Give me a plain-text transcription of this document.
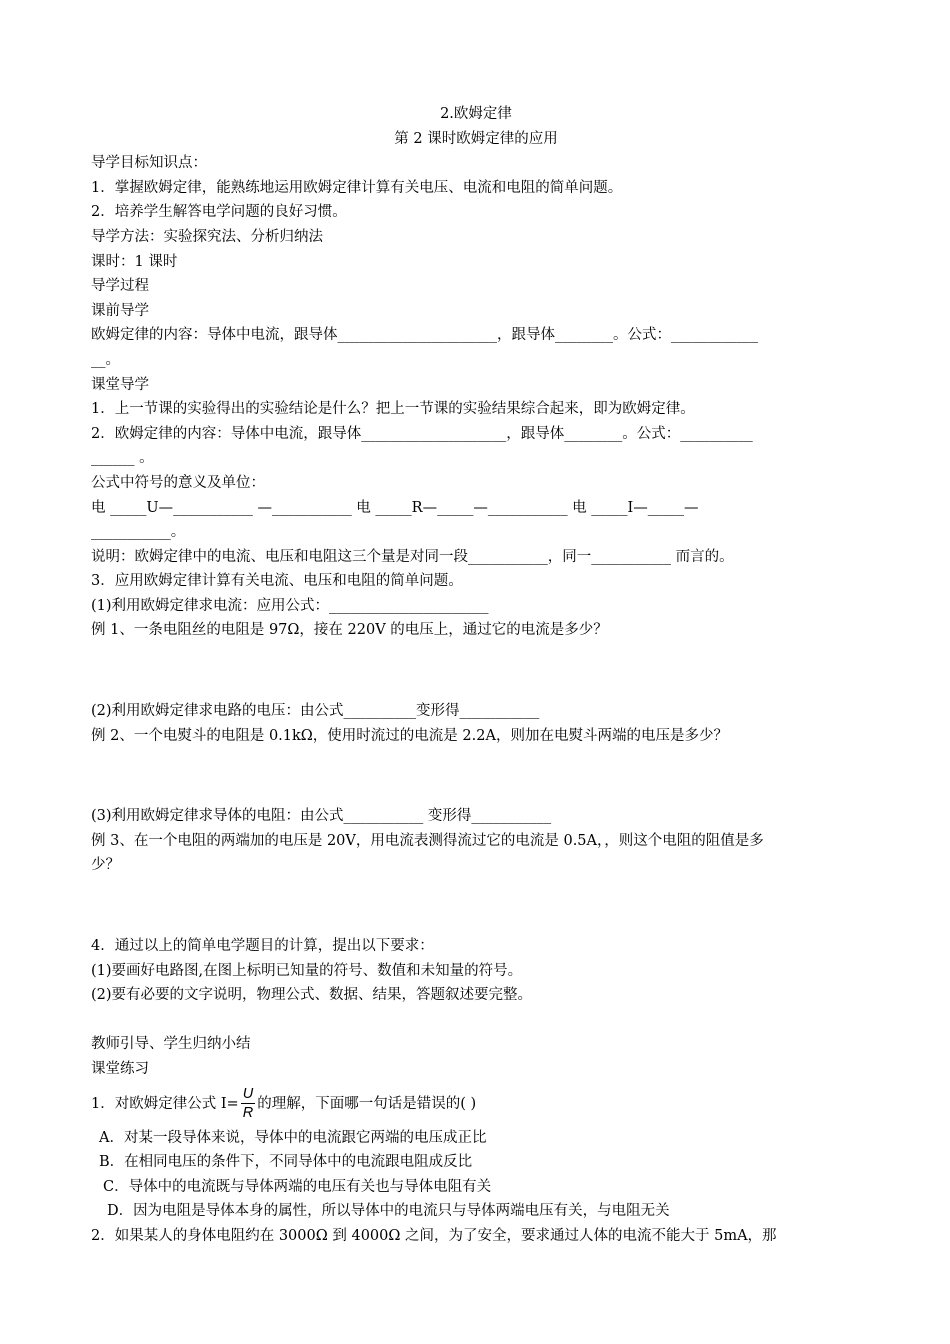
2.欧姆定律
第 2 课时欧姆定律的应用
导学目标知识点：
1．掌握欧姆定律，能熟练地运用欧姆定律计算有关电压、电流和电阻的简单问题。
2．培养学生解答电学问题的良好习惯。
导学方法：实验探究法、分析归纳法
课时：1 课时
导学过程
课前导学
欧姆定律的内容：导体中电流，跟导体______________________，跟导体________。公式：____________
__。
课堂导学
1．上一节课的实验得出的实验结论是什么？把上一节课的实验结果综合起来，即为欧姆定律。
2．欧姆定律的内容：导体中电流，跟导体____________________，跟导体________。公式：__________
______ 。
公式中符号的意义及单位：
电 _____U—___________ —___________ 电 _____R—_____—___________ 电 _____I—_____—
___________。
说明：欧姆定律中的电流、电压和电阻这三个量是对同一段___________，同一___________ 而言的。
3．应用欧姆定律计算有关电流、电压和电阻的简单问题。
(1)利用欧姆定律求电流：应用公式：______________________
例 1、一条电阻丝的电阻是 97Ω，接在 220V 的电压上，通过它的电流是多少？
(2)利用欧姆定律求电路的电压：由公式__________变形得___________
例 2、一个电熨斗的电阻是 0.1kΩ，使用时流过的电流是 2.2A，则加在电熨斗两端的电压是多少？
(3)利用欧姆定律求导体的电阻：由公式___________ 变形得___________
例 3、在一个电阻的两端加的电压是 20V，用电流表测得流过它的电流是 0.5A，，则这个电阻的阻值是多
少？
4．通过以上的简单电学题目的计算，提出以下要求：
(1)要画好电路图,在图上标明已知量的符号、数值和未知量的符号。
(2)要有必要的文字说明，物理公式、数据、结果，答题叙述要完整。
教师引导、学生归纳小结
课堂练习
1．对欧姆定律公式 $I= \frac{U}{R}$ 的理解，下面哪一句话是错误的( )
A．对某一段导体来说，导体中的电流跟它两端的电压成正比
B．在相同电压的条件下，不同导体中的电流跟电阻成反比
C．导体中的电流既与导体两端的电压有关也与导体电阻有关
D．因为电阻是导体本身的属性，所以导体中的电流只与导体两端电压有关，与电阻无关
2．如果某人的身体电阻约在 3000Ω 到 4000Ω 之间，为了安全，要求通过人体的电流不能大于 5mA，那
